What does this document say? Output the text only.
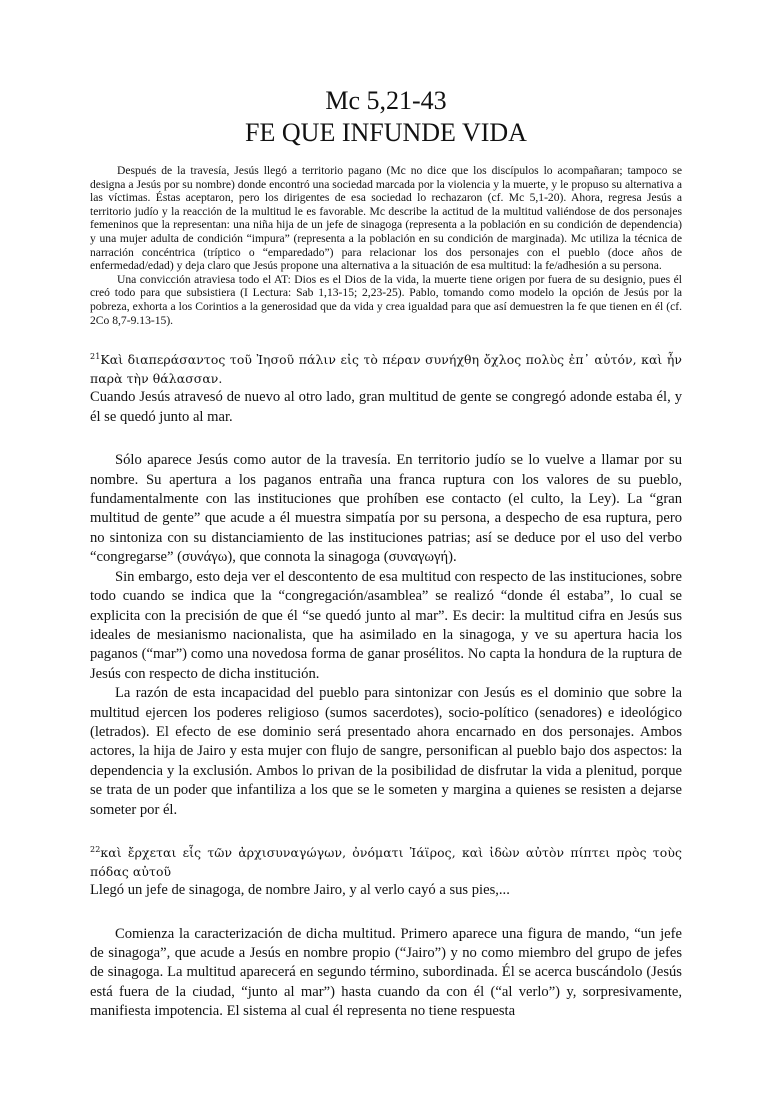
Mc 5,21-43
FE QUE INFUNDE VIDA

Después de la travesía, Jesús llegó a territorio pagano (Mc no dice que los discípulos lo acompañaran; tampoco se designa a Jesús por su nombre) donde encontró una sociedad marcada por la violencia y la muerte, y le propuso su alternativa a las víctimas. Éstas aceptaron, pero los dirigentes de esa sociedad lo rechazaron (cf. Mc 5,1-20). Ahora, regresa Jesús a territorio judío y la reacción de la multitud le es favorable. Mc describe la actitud de la multitud valiéndose de dos personajes femeninos que la representan: una niña hija de un jefe de sinagoga (representa a la población en su condición de dependencia) y una mujer adulta de condición “impura” (representa a la población en su condición de marginada). Mc utiliza la técnica de narración concéntrica (tríptico o “emparedado”) para relacionar los dos personajes con el pueblo (doce años de enfermedad/edad) y deja claro que Jesús propone una alternativa a la situación de esa multitud: la fe/adhesión a su persona.

Una convicción atraviesa todo el AT: Dios es el Dios de la vida, la muerte tiene origen por fuera de su designio, pues él creó todo para que subsistiera (I Lectura: Sab 1,13-15; 2,23-25). Pablo, tomando como modelo la opción de Jesús por la pobreza, exhorta a los Corintios a la generosidad que da vida y crea igualdad para que así demuestren la fe que tienen en él (cf. 2Co 8,7-9.13-15).

$^{21}$Καὶ διαπεράσαντος τοῦ Ἰησοῦ πάλιν εἰς τὸ πέραν συνήχθη ὄχλος πολὺς ἐπ᾽ αὐτόν, καὶ ἦν παρὰ τὴν θάλασσαν.

Cuando Jesús atravesó de nuevo al otro lado, gran multitud de gente se congregó adonde estaba él, y él se quedó junto al mar.

Sólo aparece Jesús como autor de la travesía. En territorio judío se lo vuelve a llamar por su nombre. Su apertura a los paganos entraña una franca ruptura con los valores de su pueblo, fundamentalmente con las instituciones que prohíben ese contacto (el culto, la Ley). La “gran multitud de gente” que acude a él muestra simpatía por su persona, a despecho de esa ruptura, pero no sintoniza con su distanciamiento de las instituciones patrias; así se deduce por el uso del verbo “congregarse” (συνάγω), que connota la sinagoga (συναγωγή).

Sin embargo, esto deja ver el descontento de esa multitud con respecto de las instituciones, sobre todo cuando se indica que la “congregación/asamblea” se realizó “donde él estaba”, lo cual se explicita con la precisión de que él “se quedó junto al mar”. Es decir: la multitud cifra en Jesús sus ideales de mesianismo nacionalista, que ha asimilado en la sinagoga, y ve su apertura hacia los paganos (“mar”) como una novedosa forma de ganar prosélitos. No capta la hondura de la ruptura de Jesús con respecto de dicha institución.

La razón de esta incapacidad del pueblo para sintonizar con Jesús es el dominio que sobre la multitud ejercen los poderes religioso (sumos sacerdotes), socio-político (senadores) e ideológico (letrados). El efecto de ese dominio será presentado ahora encarnado en dos personajes. Ambos actores, la hija de Jairo y esta mujer con flujo de sangre, personifican al pueblo bajo dos aspectos: la dependencia y la exclusión. Ambos lo privan de la posibilidad de disfrutar la vida a plenitud, porque se trata de un poder que infantiliza a los que se le someten y margina a quienes se resisten a dejarse someter por él.

$^{22}$καὶ ἔρχεται εἷς τῶν ἀρχισυναγώγων, ὀνόματι Ἰάϊρος, καὶ ἰδὼν αὐτὸν πίπτει πρὸς τοὺς πόδας αὐτοῦ

Llegó un jefe de sinagoga, de nombre Jairo, y al verlo cayó a sus pies,...

Comienza la caracterización de dicha multitud. Primero aparece una figura de mando, “un jefe de sinagoga”, que acude a Jesús en nombre propio (“Jairo”) y no como miembro del grupo de jefes de sinagoga. La multitud aparecerá en segundo término, subordinada. Él se acerca buscándolo (Jesús está fuera de la ciudad, “junto al mar”) hasta cuando da con él (“al verlo”) y, sorpresivamente, manifiesta impotencia. El sistema al cual él representa no tiene respuesta
